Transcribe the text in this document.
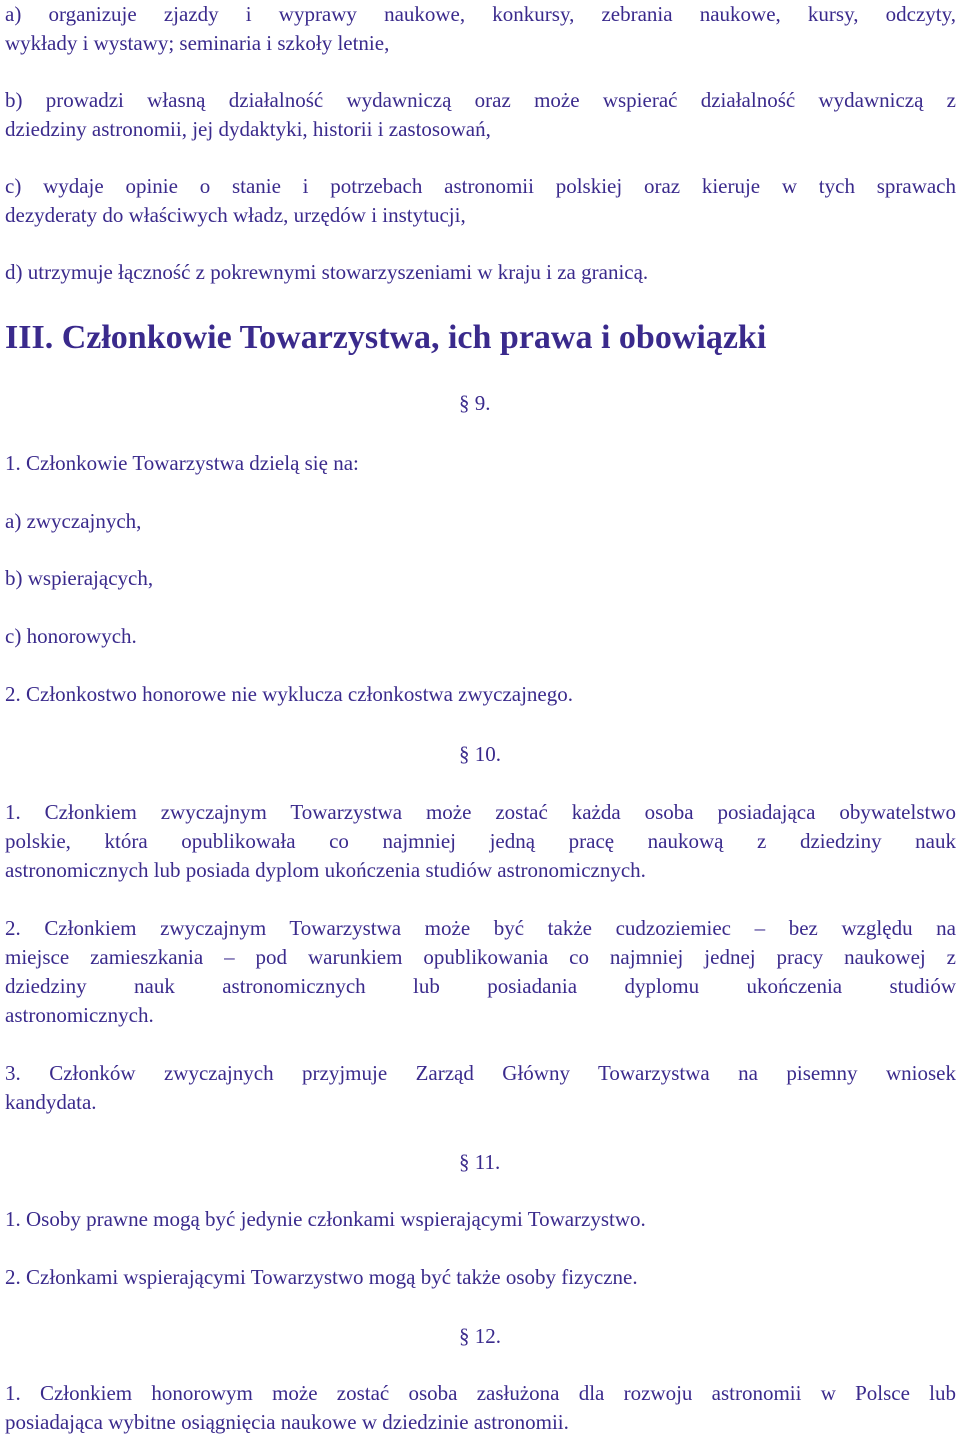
a) organizuje zjazdy i wyprawy naukowe, konkursy, zebrania naukowe, kursy, odczyty,
wykłady i wystawy; seminaria i szkoły letnie,
b) prowadzi własną działalność wydawniczą oraz może wspierać działalność wydawniczą z
dziedziny astronomii, jej dydaktyki, historii i zastosowań,
c) wydaje opinie o stanie i potrzebach astronomii polskiej oraz kieruje w tych sprawach
dezyderaty do właściwych władz, urzędów i instytucji,
d) utrzymuje łączność z pokrewnymi stowarzyszeniami w kraju i za granicą.
III. Członkowie Towarzystwa, ich prawa i obowiązki
§ 9.
1. Członkowie Towarzystwa dzielą się na:
a) zwyczajnych,
b) wspierających,
c) honorowych.
2. Członkostwo honorowe nie wyklucza członkostwa zwyczajnego.
§ 10.
1. Członkiem zwyczajnym Towarzystwa może zostać każda osoba posiadająca obywatelstwo
polskie, która opublikowała co najmniej jedną pracę naukową z dziedziny nauk
astronomicznych lub posiada dyplom ukończenia studiów astronomicznych.
2. Członkiem zwyczajnym Towarzystwa może być także cudzoziemiec – bez względu na
miejsce zamieszkania – pod warunkiem opublikowania co najmniej jednej pracy naukowej z
dziedziny nauk astronomicznych lub posiadania dyplomu ukończenia studiów
astronomicznych.
3. Członków zwyczajnych przyjmuje Zarząd Główny Towarzystwa na pisemny wniosek
kandydata.
§ 11.
1. Osoby prawne mogą być jedynie członkami wspierającymi Towarzystwo.
2. Członkami wspierającymi Towarzystwo mogą być także osoby fizyczne.
§ 12.
1. Członkiem honorowym może zostać osoba zasłużona dla rozwoju astronomii w Polsce lub
posiadająca wybitne osiągnięcia naukowe w dziedzinie astronomii.
